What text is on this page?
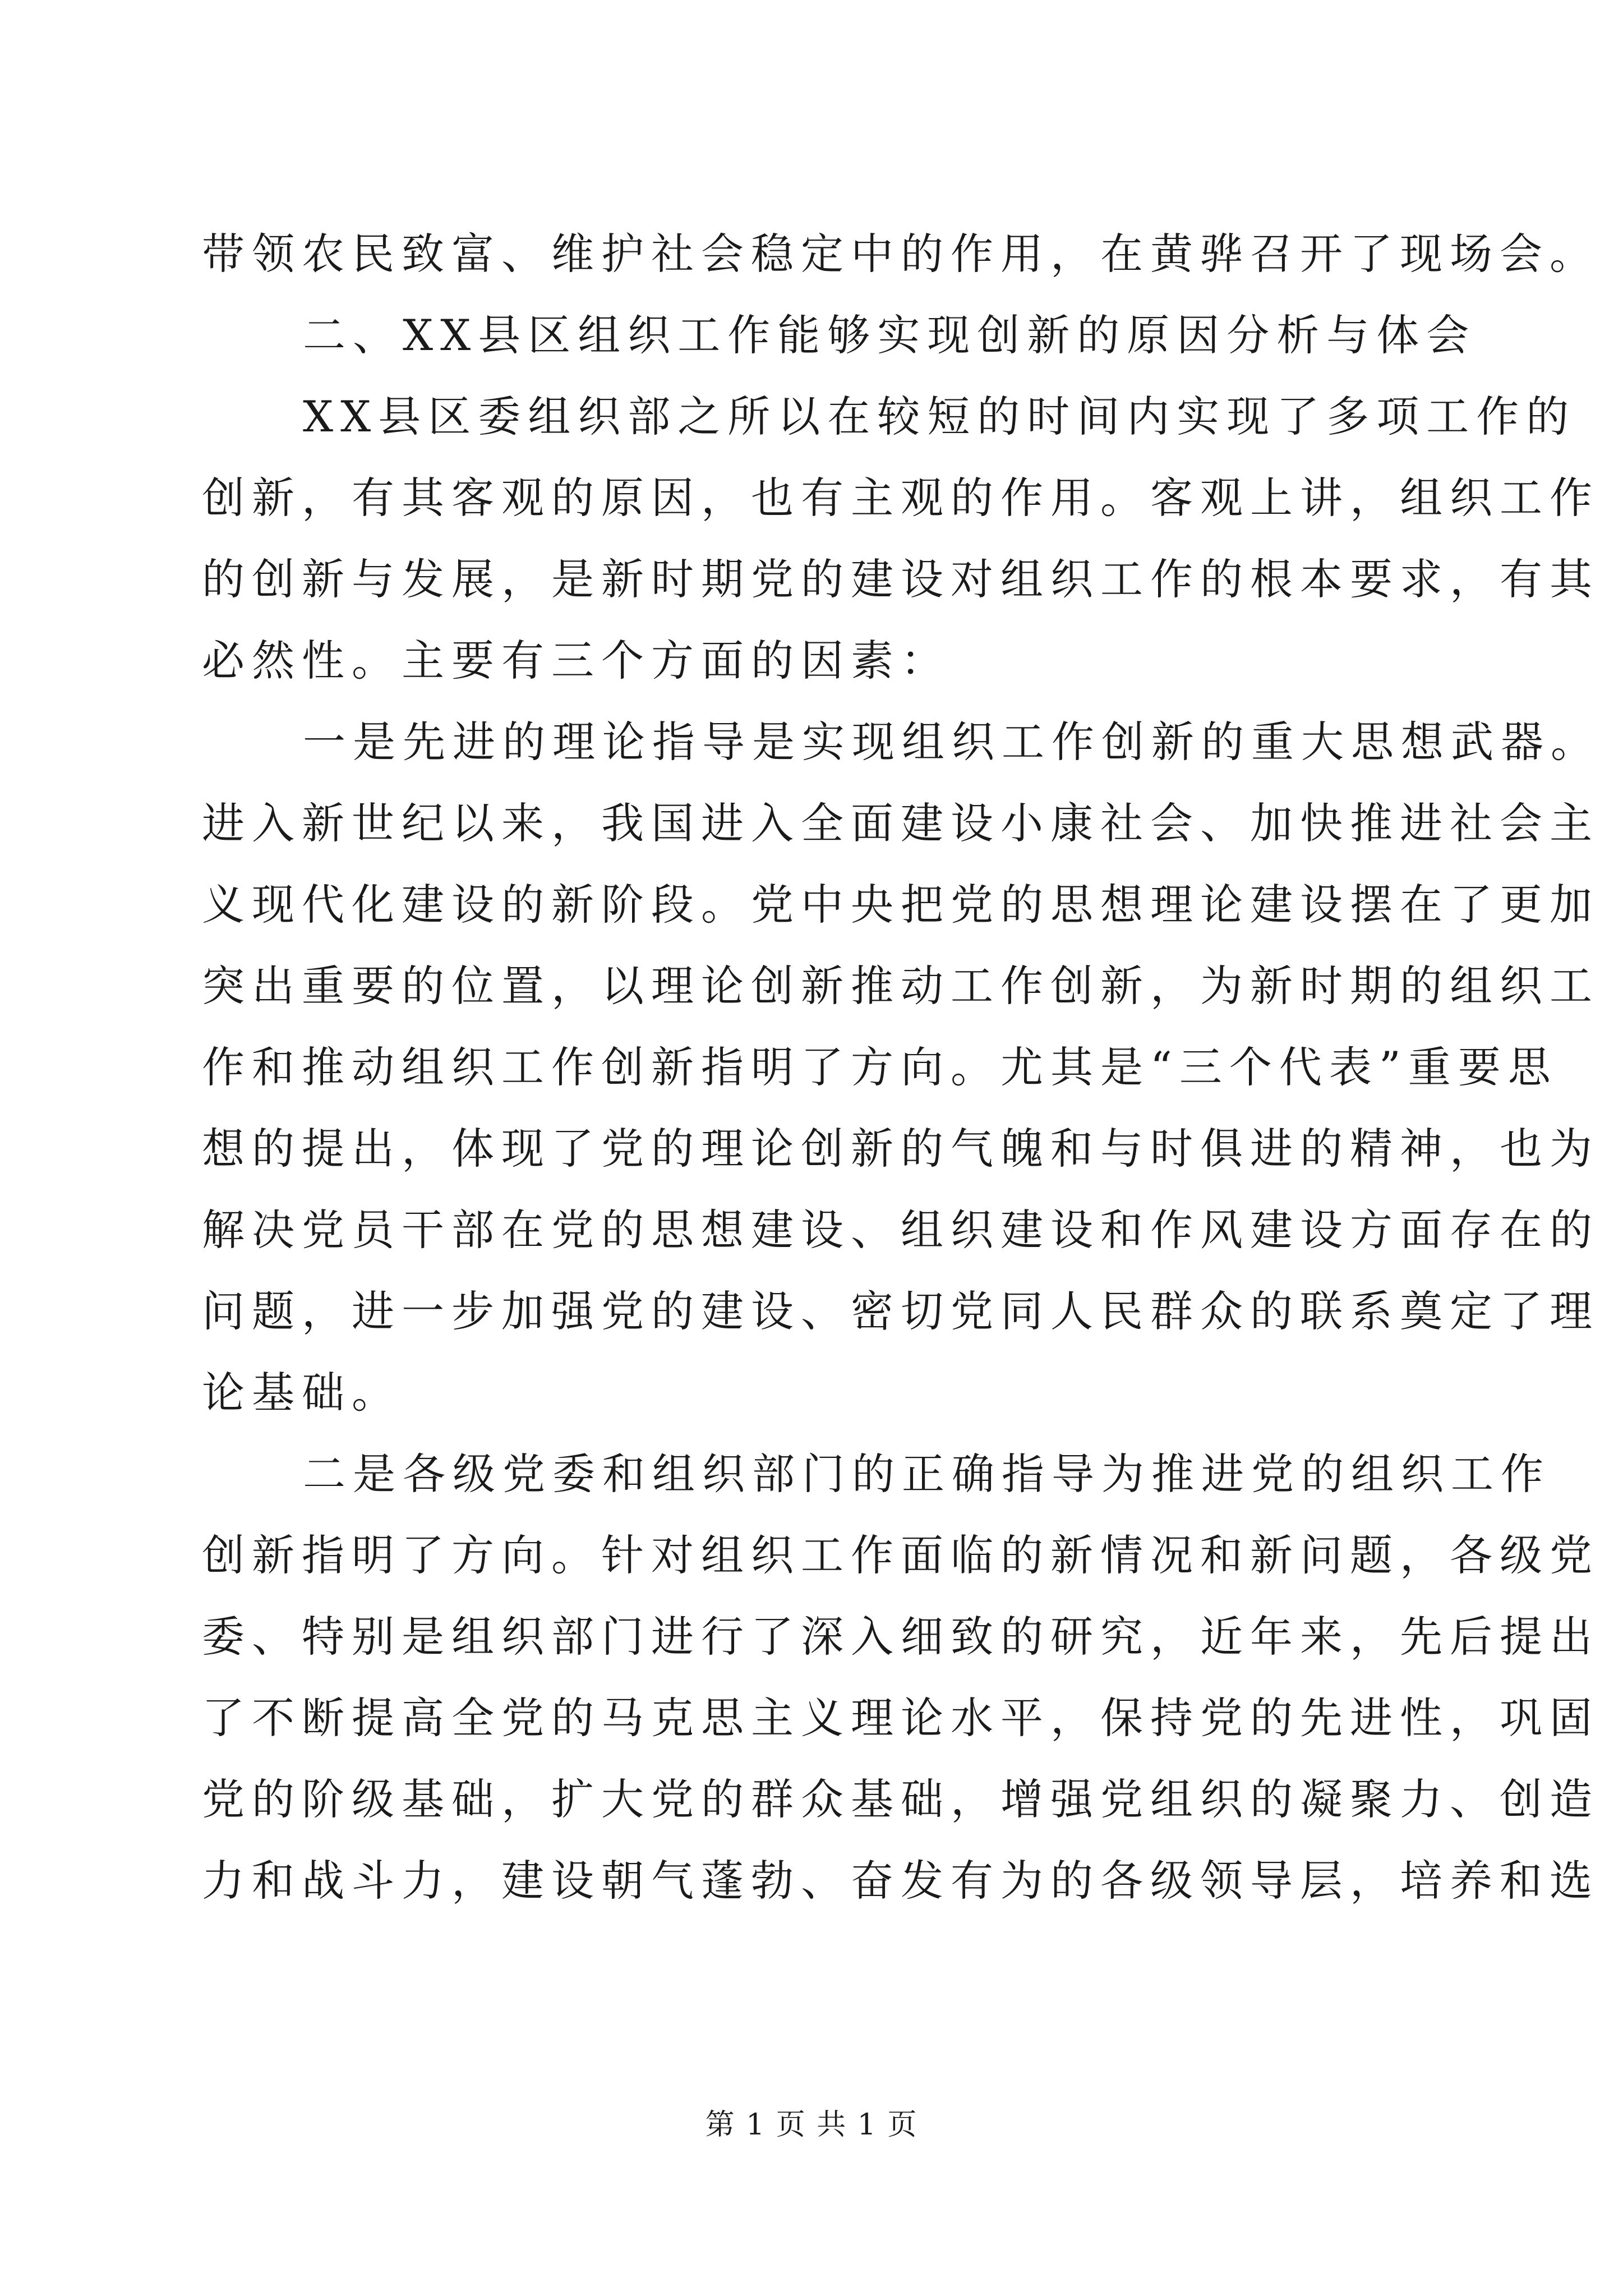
带领农民致富、维护社会稳定中的作用，在黄骅召开了现场会。
二、XX县区组织工作能够实现创新的原因分析与体会
XX县区委组织部之所以在较短的时间内实现了多项工作的
创新，有其客观的原因，也有主观的作用。客观上讲，组织工作
的创新与发展，是新时期党的建设对组织工作的根本要求，有其
必然性。主要有三个方面的因素：
一是先进的理论指导是实现组织工作创新的重大思想武器。
进入新世纪以来，我国进入全面建设小康社会、加快推进社会主
义现代化建设的新阶段。党中央把党的思想理论建设摆在了更加
突出重要的位置，以理论创新推动工作创新，为新时期的组织工
作和推动组织工作创新指明了方向。尤其是“三个代表”重要思
想的提出，体现了党的理论创新的气魄和与时俱进的精神，也为
解决党员干部在党的思想建设、组织建设和作风建设方面存在的
问题，进一步加强党的建设、密切党同人民群众的联系奠定了理
论基础。
二是各级党委和组织部门的正确指导为推进党的组织工作
创新指明了方向。针对组织工作面临的新情况和新问题，各级党
委、特别是组织部门进行了深入细致的研究，近年来，先后提出
了不断提高全党的马克思主义理论水平，保持党的先进性，巩固
党的阶级基础，扩大党的群众基础，增强党组织的凝聚力、创造
力和战斗力，建设朝气蓬勃、奋发有为的各级领导层，培养和选
第 1 页 共 1 页
